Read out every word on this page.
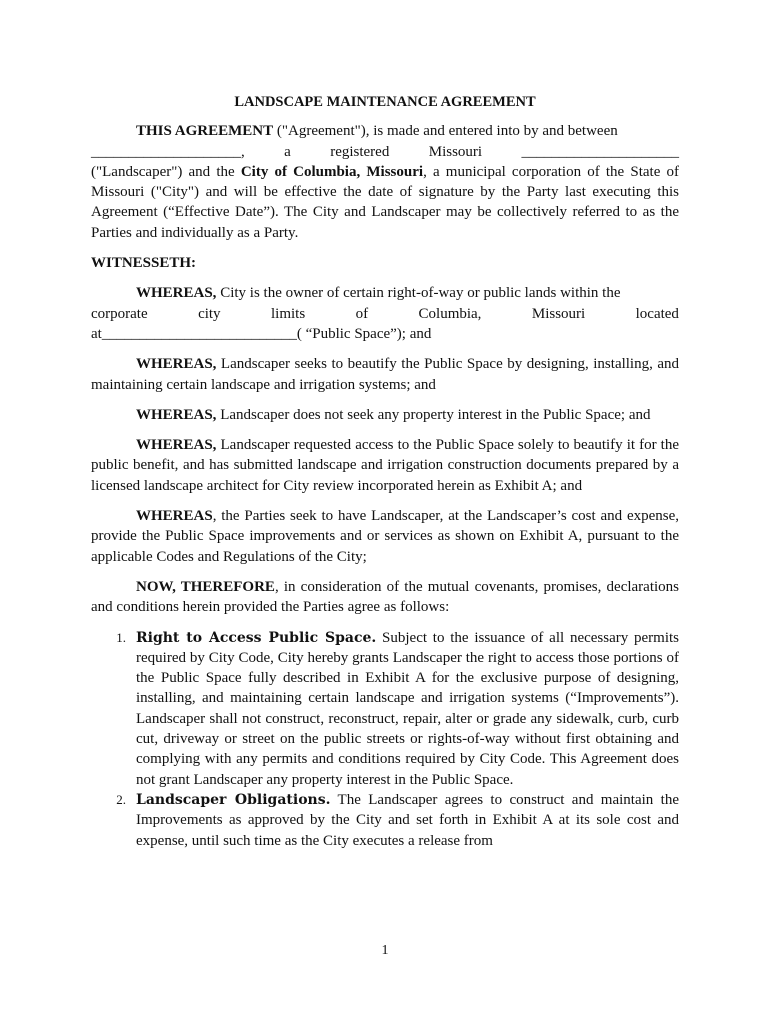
LANDSCAPE MAINTENANCE AGREEMENT

THIS AGREEMENT ("Agreement"), is made and entered into by and between

____________________,	a	registered	Missouri	_____________________

("Landscaper") and the City of Columbia, Missouri, a municipal corporation of the State of Missouri ("City") and will be effective the date of signature by the Party last executing this Agreement (“Effective Date”). The City and Landscaper may be collectively referred to as the Parties and individually as a Party.

WITNESSETH:

WHEREAS, City is the owner of certain right-of-way or public lands within the

corporate	city	limits	of	Columbia,	Missouri	located

at__________________________( “Public Space”); and

WHEREAS, Landscaper seeks to beautify the Public Space by designing, installing, and maintaining certain landscape and irrigation systems; and

WHEREAS, Landscaper does not seek any property interest in the Public Space; and

WHEREAS, Landscaper requested access to the Public Space solely to beautify it for the public benefit, and has submitted landscape and irrigation construction documents prepared by a licensed landscape architect for City review incorporated herein as Exhibit A; and

WHEREAS, the Parties seek to have Landscaper, at the Landscaper’s cost and expense, provide the Public Space improvements and or services as shown on Exhibit A, pursuant to the applicable Codes and Regulations of the City;

NOW, THEREFORE, in consideration of the mutual covenants, promises, declarations and conditions herein provided the Parties agree as follows:

1. Right to Access Public Space. Subject to the issuance of all necessary permits required by City Code, City hereby grants Landscaper the right to access those portions of the Public Space fully described in Exhibit A for the exclusive purpose of designing, installing, and maintaining certain landscape and irrigation systems (“Improvements”). Landscaper shall not construct, reconstruct, repair, alter or grade any sidewalk, curb, curb cut, driveway or street on the public streets or rights-of-way without first obtaining and complying with any permits and conditions required by City Code. This Agreement does not grant Landscaper any property interest in the Public Space.
2. Landscaper Obligations. The Landscaper agrees to construct and maintain the Improvements as approved by the City and set forth in Exhibit A at its sole cost and expense, until such time as the City executes a release from
1
